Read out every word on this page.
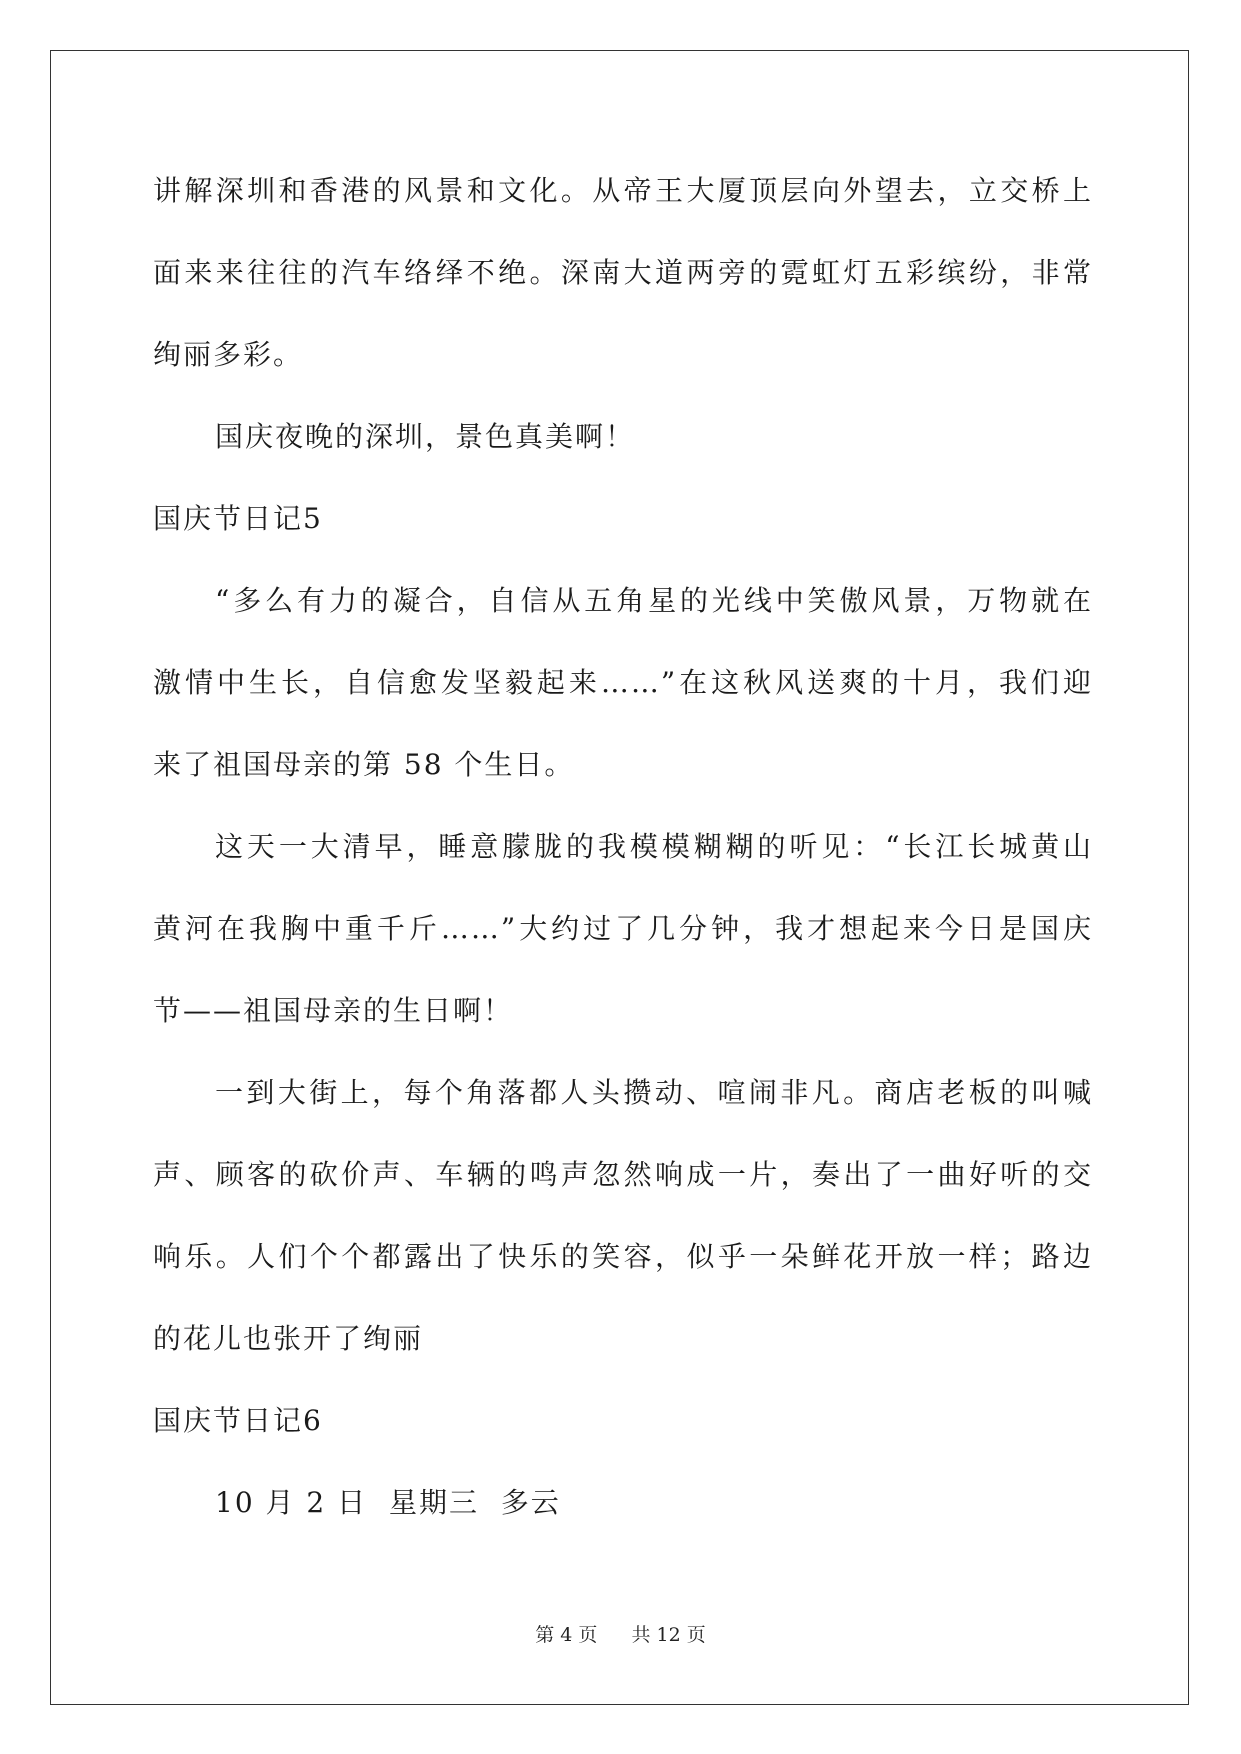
讲解深圳和香港的风景和文化。从帝王大厦顶层向外望去，立交桥上
面来来往往的汽车络绎不绝。深南大道两旁的霓虹灯五彩缤纷，非常
绚丽多彩。
国庆夜晚的深圳，景色真美啊！
国庆节日记5
“多么有力的凝合，自信从五角星的光线中笑傲风景，万物就在
激情中生长，自信愈发坚毅起来……”在这秋风送爽的十月，我们迎
来了祖国母亲的第 58 个生日。
这天一大清早，睡意朦胧的我模模糊糊的听见：“长江长城黄山
黄河在我胸中重千斤……”大约过了几分钟，我才想起来今日是国庆
节——祖国母亲的生日啊！
一到大街上，每个角落都人头攒动、喧闹非凡。商店老板的叫喊
声、顾客的砍价声、车辆的鸣声忽然响成一片，奏出了一曲好听的交
响乐。人们个个都露出了快乐的笑容，似乎一朵鲜花开放一样；路边
的花儿也张开了绚丽
国庆节日记6
10 月 2 日  星期三  多云
第 4 页 共 12 页
